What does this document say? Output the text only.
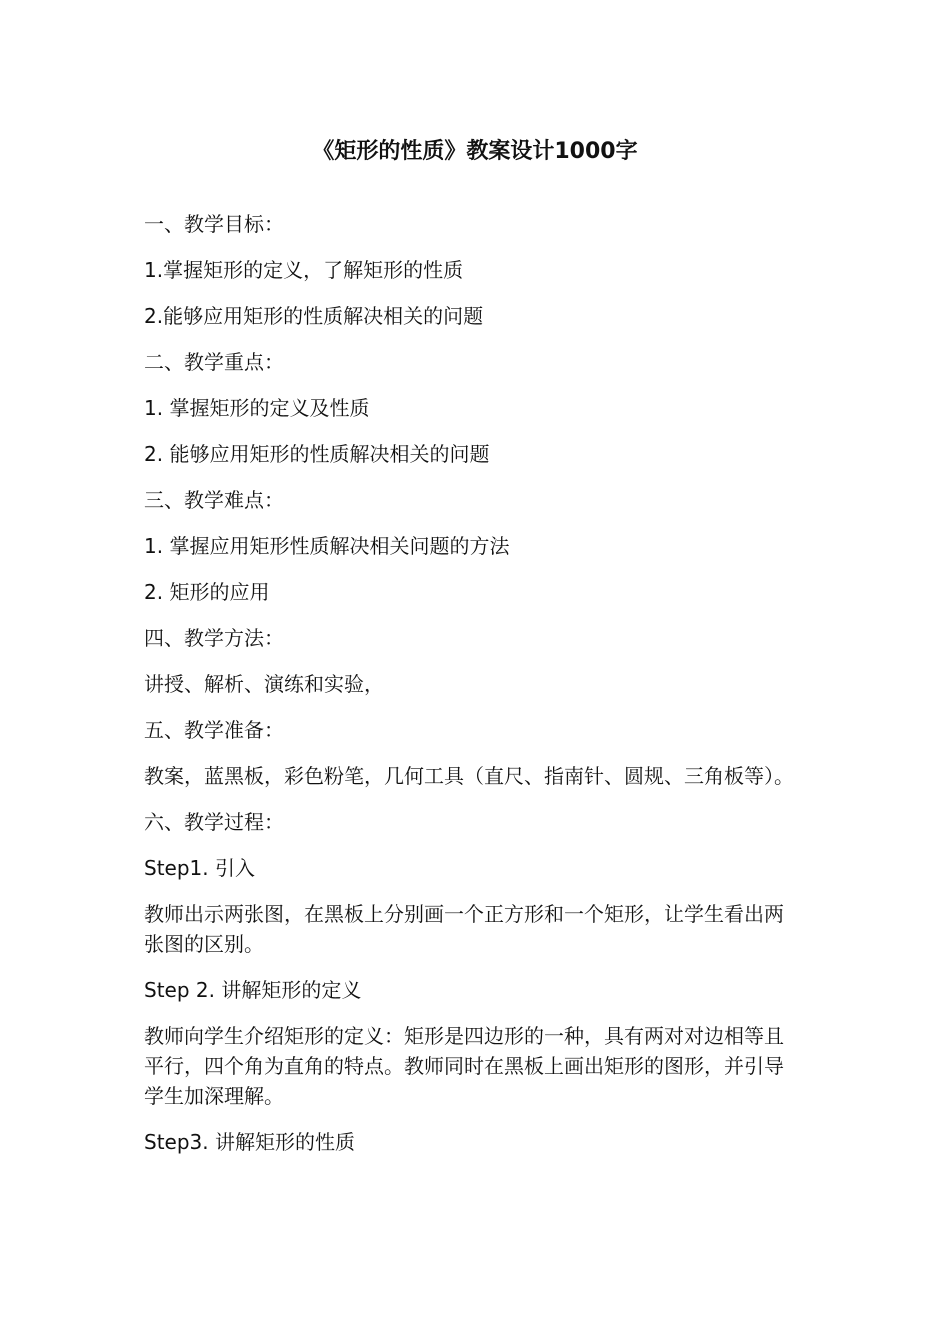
《矩形的性质》教案设计1000字

一、教学目标：

1.掌握矩形的定义，了解矩形的性质

2.能够应用矩形的性质解决相关的问题

二、教学重点：

1. 掌握矩形的定义及性质

2. 能够应用矩形的性质解决相关的问题

三、教学难点：

1. 掌握应用矩形性质解决相关问题的方法

2. 矩形的应用

四、教学方法：

讲授、解析、演练和实验，

五、教学准备：

教案，蓝黑板，彩色粉笔，几何工具（直尺、指南针、圆规、三角板等）。

六、教学过程：

Step1. 引入

教师出示两张图，在黑板上分别画一个正方形和一个矩形，让学生看出两张图的区别。

Step 2. 讲解矩形的定义

教师向学生介绍矩形的定义：矩形是四边形的一种，具有两对对边相等且平行，四个角为直角的特点。教师同时在黑板上画出矩形的图形，并引导学生加深理解。

Step3. 讲解矩形的性质
